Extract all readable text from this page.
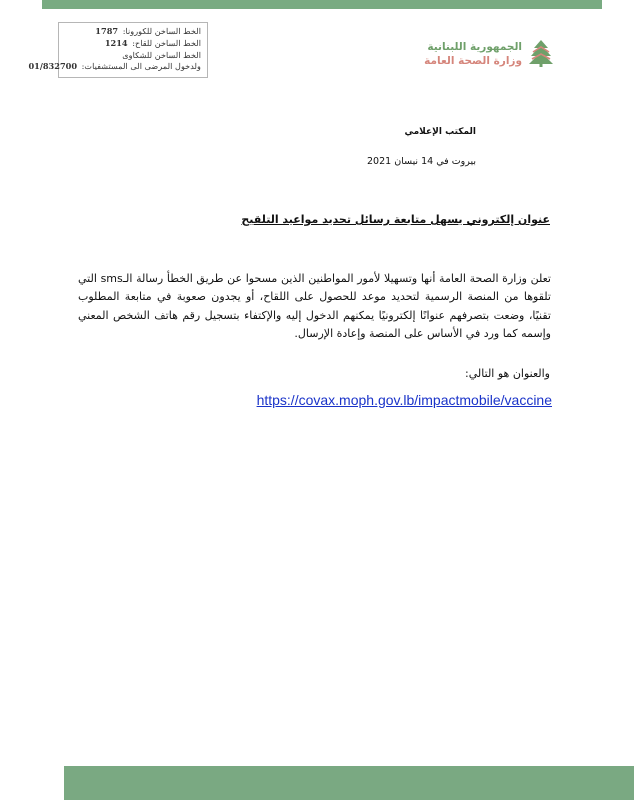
الخط الساخن للكورونا: 1787
الخط الساخن للقاح: 1214
الخط الساخن للشكاوى
ولدخول المرضى الى المستشفيات: 01/832700
الجمهورية اللبنانية
وزارة الصحة العامة
المكتب الإعلامي
بيروت في 14 نيسان 2021
عنوان إلكتروني يسهل متابعة رسائل تحديد مواعيد التلقيح
تعلن وزارة الصحة العامة أنها وتسهيلا لأمور المواطنين الذين مسحوا عن طريق الخطأ رسالة الـsms التي تلقوها من المنصة الرسمية لتحديد موعد للحصول على اللقاح، أو يجدون صعوبة في متابعة المطلوب تقنيًا، وضعت بتصرفهم عنوانًا إلكترونيًا يمكنهم الدخول إليه والإكتفاء بتسجيل رقم هاتف الشخص المعني وإسمه كما ورد في الأساس على المنصة وإعادة الإرسال.
والعنوان هو التالي:
https://covax.moph.gov.lb/impactmobile/vaccine
